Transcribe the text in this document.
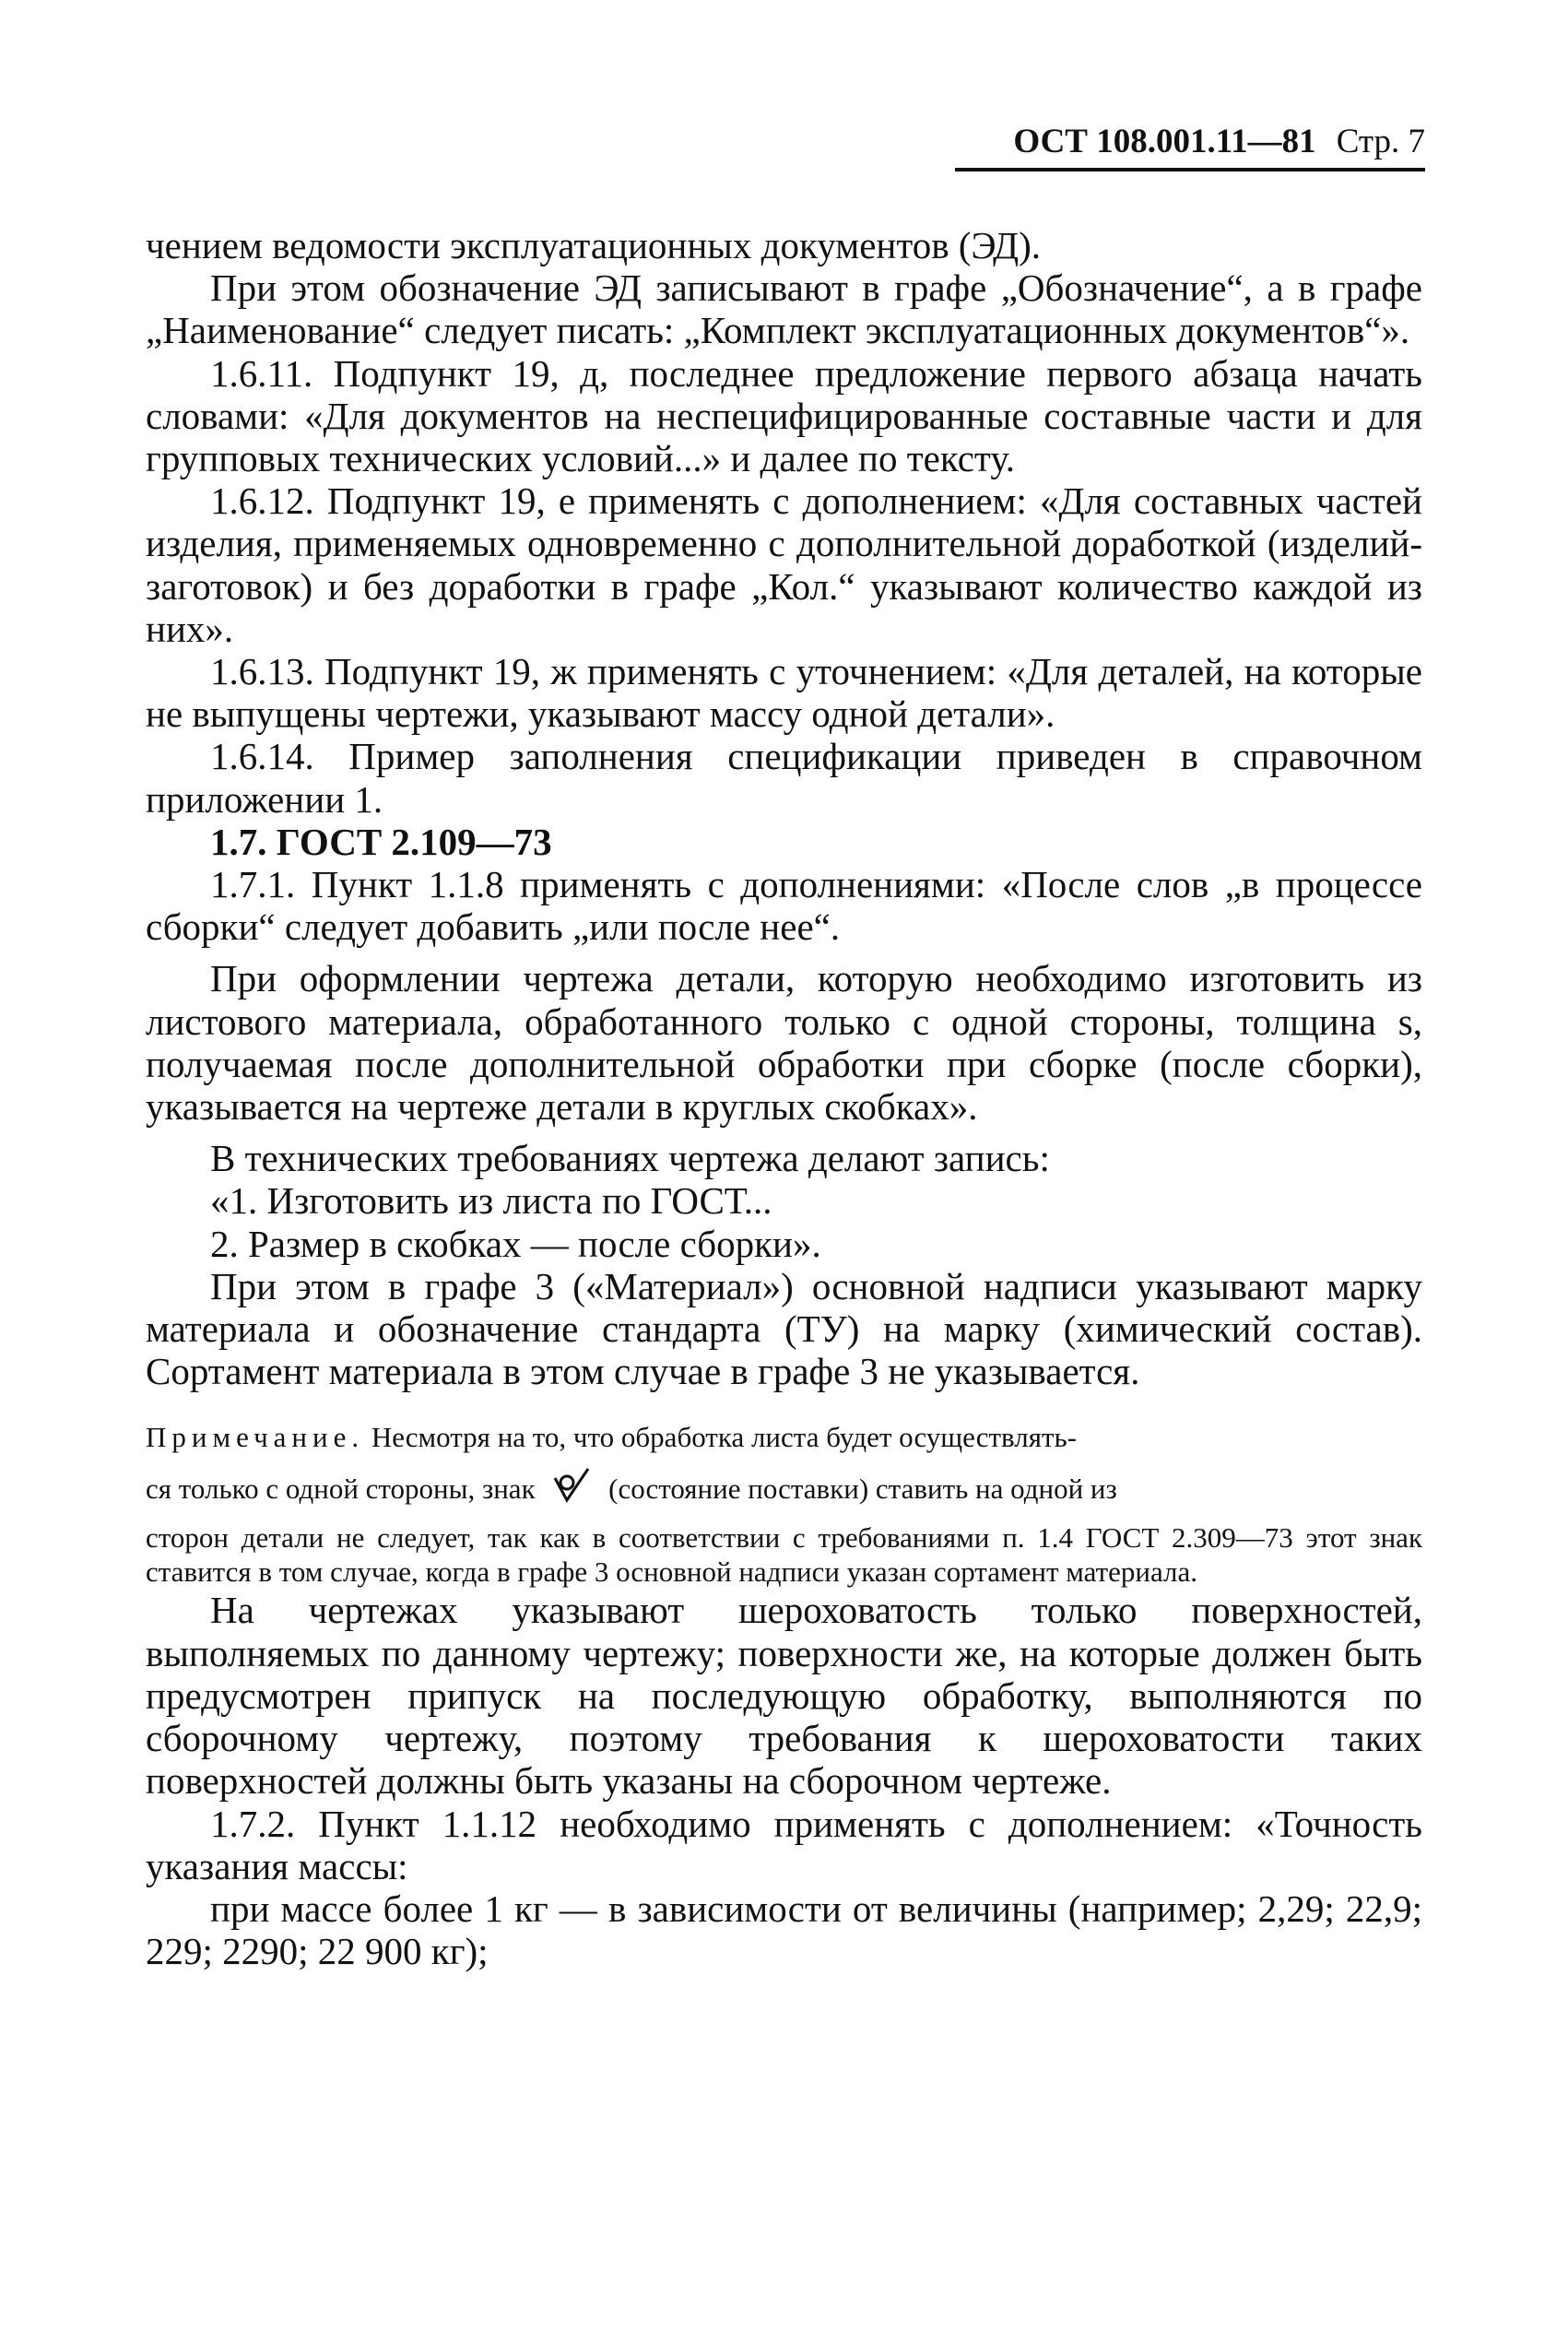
ОСТ 108.001.11—81 Стр. 7

чением ведомости эксплуатационных документов (ЭД).

При этом обозначение ЭД записывают в графе „Обозначение“, а в графе „Наименование“ следует писать: „Комплект эксплуатационных документов“».

1.6.11. Подпункт 19, д, последнее предложение первого абзаца начать словами: «Для документов на неспецифицированные составные части и для групповых технических условий...» и далее по тексту.

1.6.12. Подпункт 19, е применять с дополнением: «Для составных частей изделия, применяемых одновременно с дополнительной доработкой (изделий-заготовок) и без доработки в графе „Кол.“ указывают количество каждой из них».

1.6.13. Подпункт 19, ж применять с уточнением: «Для деталей, на которые не выпущены чертежи, указывают массу одной детали».

1.6.14. Пример заполнения спецификации приведен в справочном приложении 1.

1.7. ГОСТ 2.109—73

1.7.1. Пункт 1.1.8 применять с дополнениями: «После слов „в процессе сборки“ следует добавить „или после нее“.

При оформлении чертежа детали, которую необходимо изготовить из листового материала, обработанного только с одной стороны, толщина s, получаемая после дополнительной обработки при сборке (после сборки), указывается на чертеже детали в круглых скобках».

В технических требованиях чертежа делают запись:

«1. Изготовить из листа по ГОСТ...

2. Размер в скобках — после сборки».

При этом в графе 3 («Материал») основной надписи указывают марку материала и обозначение стандарта (ТУ) на марку (химический состав). Сортамент материала в этом случае в графе 3 не указывается.

Примечание. Несмотря на то, что обработка листа будет осуществлять-
ся только с одной стороны, знак	(состояние поставки) ставить на одной из
сторон детали не следует, так как в соответствии с требованиями п. 1.4 ГОСТ 2.309—73 этот знак ставится в том случае, когда в графе 3 основной надписи указан сортамент материала.

На чертежах указывают шероховатость только поверхностей, выполняемых по данному чертежу; поверхности же, на которые должен быть предусмотрен припуск на последующую обработку, выполняются по сборочному чертежу, поэтому требования к шероховатости таких поверхностей должны быть указаны на сборочном чертеже.

1.7.2. Пункт 1.1.12 необходимо применять с дополнением: «Точность указания массы:

при массе более 1 кг — в зависимости от величины (например; 2,29; 22,9; 229; 2290; 22 900 кг);
